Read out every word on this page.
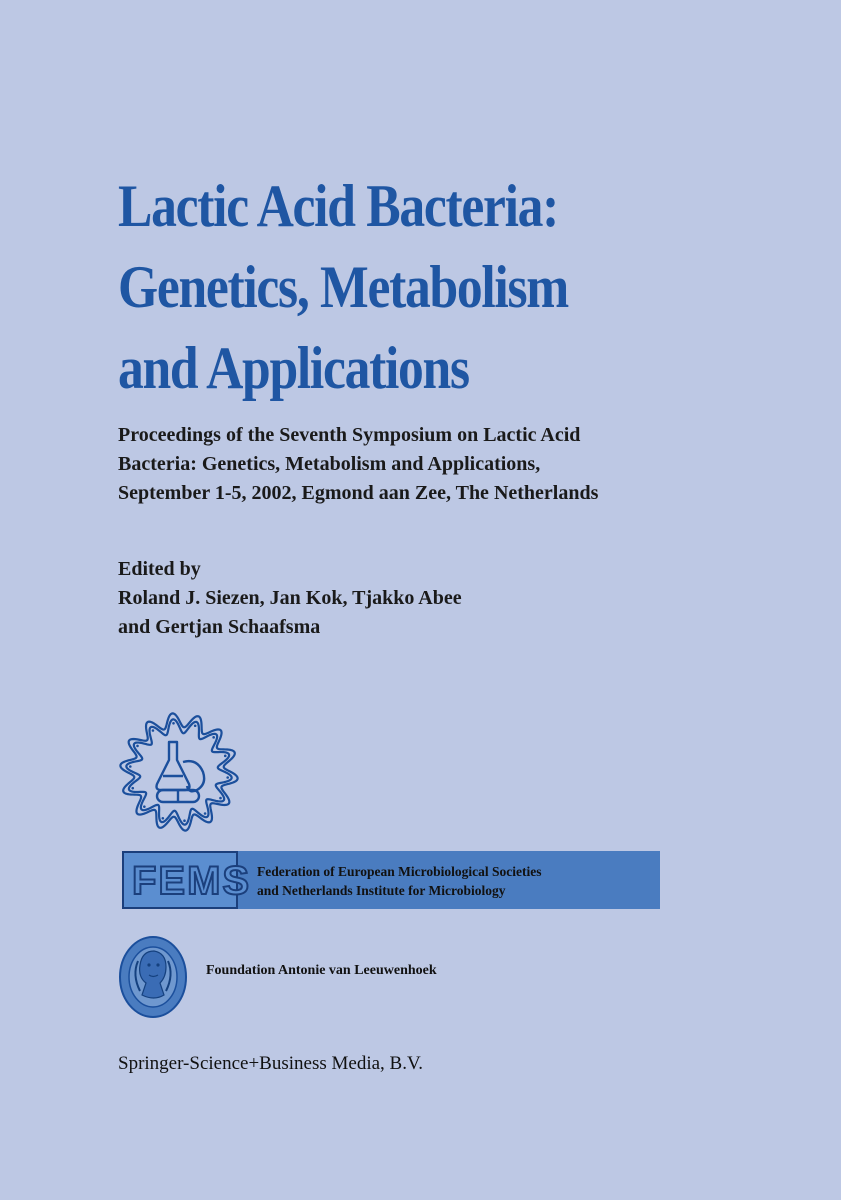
Lactic Acid Bacteria:
Genetics, Metabolism
and Applications
Proceedings of the Seventh Symposium on Lactic Acid
Bacteria: Genetics, Metabolism and Applications,
September 1-5, 2002, Egmond aan Zee, The Netherlands
Edited by
Roland J. Siezen, Jan Kok, Tjakko Abee
and Gertjan Schaafsma
FEMS Federation of European Microbiological Societies
and Netherlands Institute for Microbiology
Foundation Antonie van Leeuwenhoek
Springer-Science+Business Media, B.V.
